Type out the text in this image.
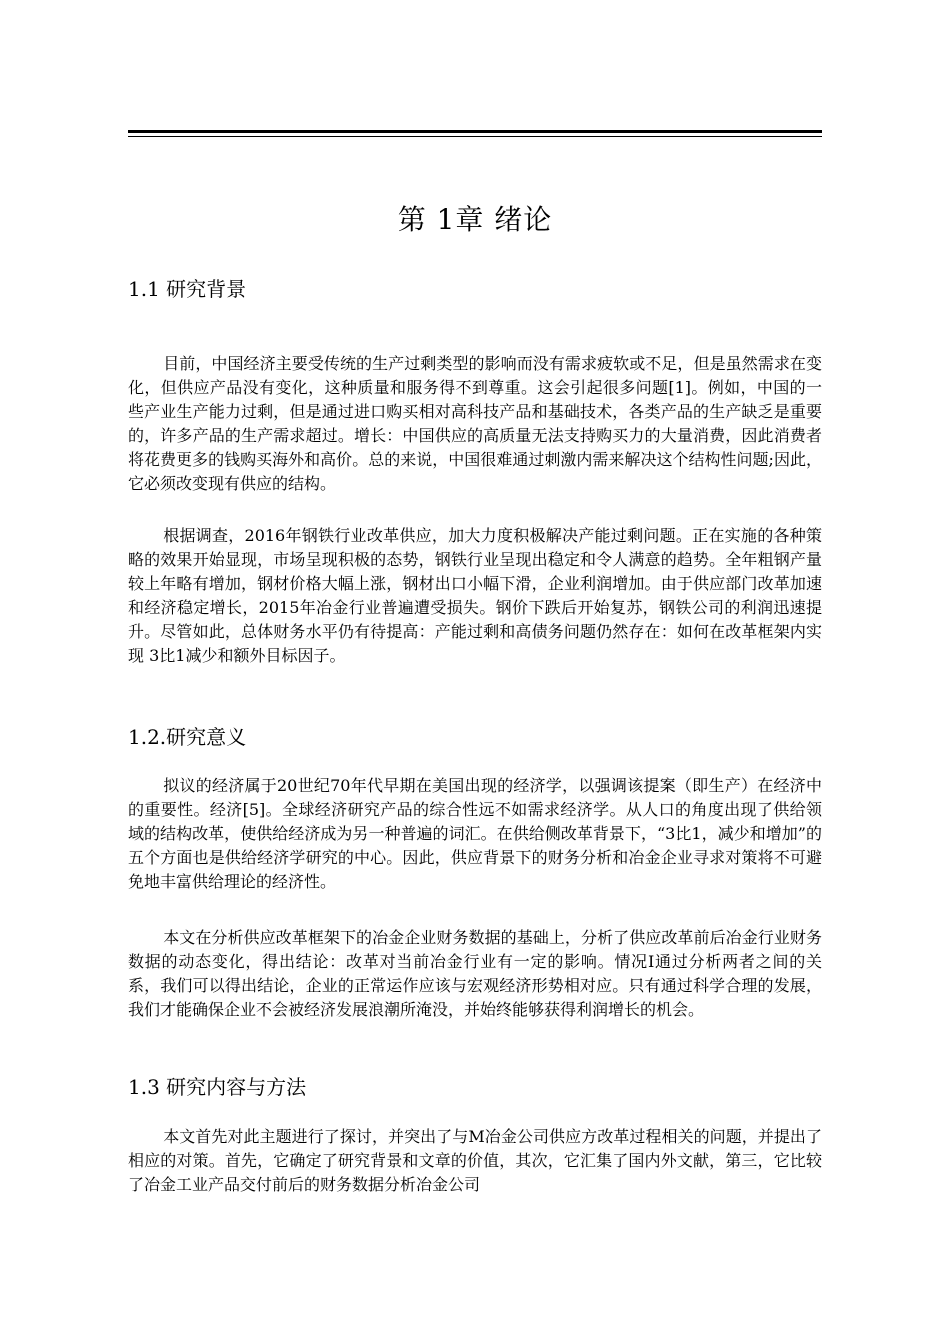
第 1章 绪论
1.1 研究背景

目前，中国经济主要受传统的生产过剩类型的影响而没有需求疲软或不足，但是虽然需求在变化，但供应产品没有变化，这种质量和服务得不到尊重。这会引起很多问题[1]。例如，中国的一些产业生产能力过剩，但是通过进口购买相对高科技产品和基础技术，各类产品的生产缺乏是重要的，许多产品的生产需求超过。增长：中国供应的高质量无法支持购买力的大量消费，因此消费者将花费更多的钱购买海外和高价。总的来说，中国很难通过刺激内需来解决这个结构性问题;因此，它必须改变现有供应的结构。

根据调查，2016年钢铁行业改革供应，加大力度积极解决产能过剩问题。正在实施的各种策略的效果开始显现，市场呈现积极的态势，钢铁行业呈现出稳定和令人满意的趋势。全年粗钢产量较上年略有增加，钢材价格大幅上涨，钢材出口小幅下滑，企业利润增加。由于供应部门改革加速和经济稳定增长，2015年冶金行业普遍遭受损失。钢价下跌后开始复苏，钢铁公司的利润迅速提升。尽管如此，总体财务水平仍有待提高：产能过剩和高债务问题仍然存在：如何在改革框架内实现 3比1减少和额外目标因子。

1.2.研究意义

拟议的经济属于20世纪70年代早期在美国出现的经济学，以强调该提案（即生产）在经济中的重要性。经济[5]。全球经济研究产品的综合性远不如需求经济学。从人口的角度出现了供给领域的结构改革，使供给经济成为另一种普遍的词汇。在供给侧改革背景下，“3比1，减少和增加”的五个方面也是供给经济学研究的中心。因此，供应背景下的财务分析和冶金企业寻求对策将不可避免地丰富供给理论的经济性。

本文在分析供应改革框架下的冶金企业财务数据的基础上，分析了供应改革前后冶金行业财务数据的动态变化，得出结论：改革对当前冶金行业有一定的影响。情况I通过分析两者之间的关系，我们可以得出结论，企业的正常运作应该与宏观经济形势相对应。只有通过科学合理的发展，我们才能确保企业不会被经济发展浪潮所淹没，并始终能够获得利润增长的机会。

1.3 研究内容与方法

本文首先对此主题进行了探讨，并突出了与M冶金公司供应方改革过程相关的问题，并提出了相应的对策。首先，它确定了研究背景和文章的价值，其次，它汇集了国内外文献，第三，它比较了冶金工业产品交付前后的财务数据分析冶金公司
